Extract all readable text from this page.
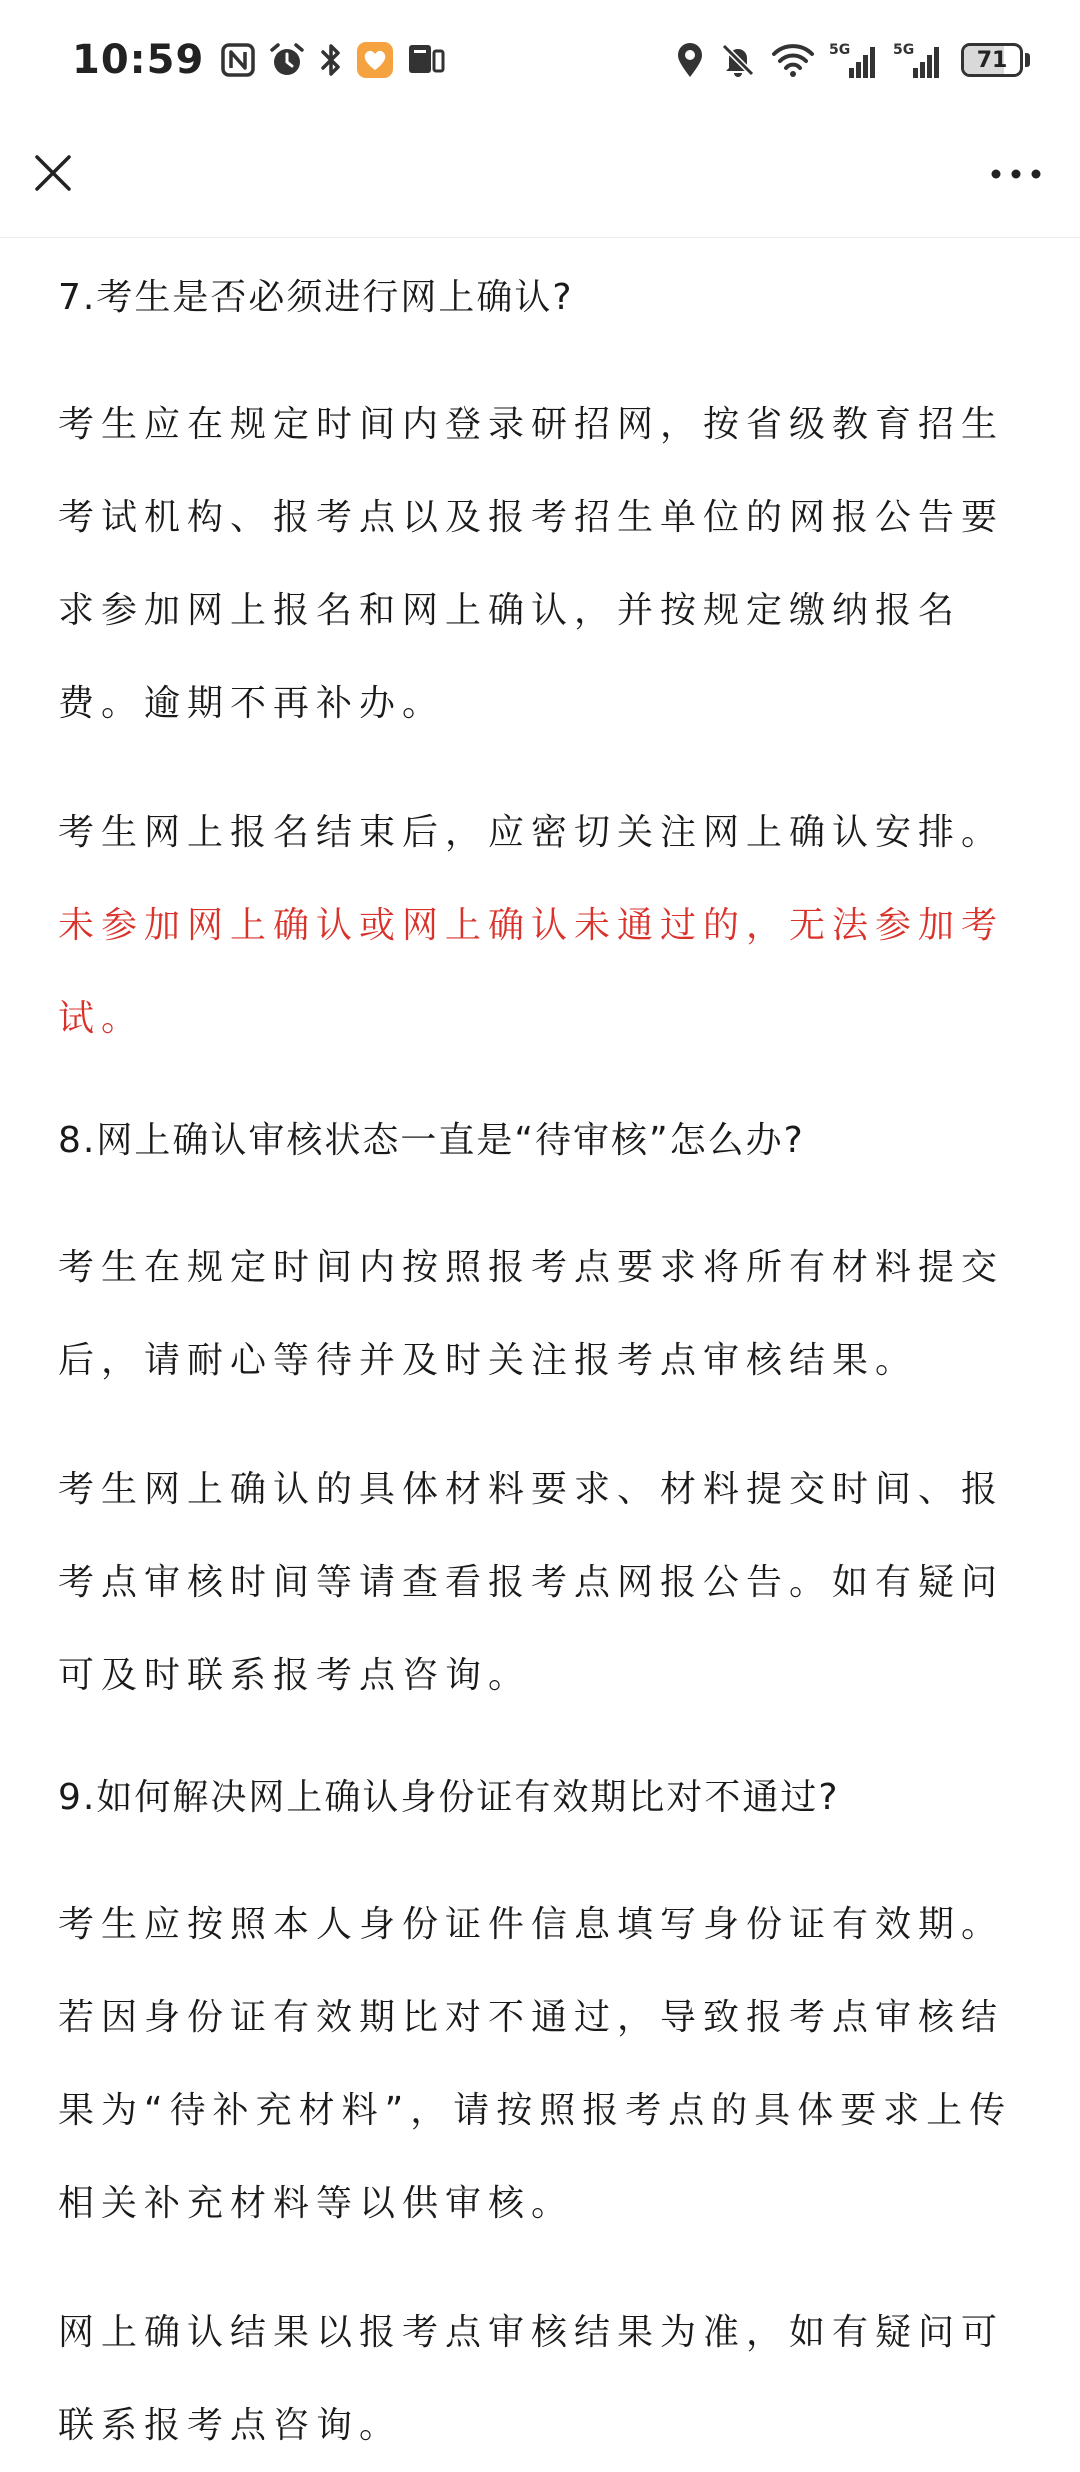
10:59	5G	5G	71

7.考生是否必须进行网上确认?

考生应在规定时间内登录研招网，按省级教育招生考试机构、报考点以及报考招生单位的网报公告要求参加网上报名和网上确认，并按规定缴纳报名费。逾期不再补办。

考生网上报名结束后，应密切关注网上确认安排。未参加网上确认或网上确认未通过的，无法参加考试。

8.网上确认审核状态一直是“待审核”怎么办?

考生在规定时间内按照报考点要求将所有材料提交后，请耐心等待并及时关注报考点审核结果。

考生网上确认的具体材料要求、材料提交时间、报考点审核时间等请查看报考点网报公告。如有疑问可及时联系报考点咨询。

9.如何解决网上确认身份证有效期比对不通过?

考生应按照本人身份证件信息填写身份证有效期。若因身份证有效期比对不通过，导致报考点审核结果为“待补充材料”，请按照报考点的具体要求上传相关补充材料等以供审核。

网上确认结果以报考点审核结果为准，如有疑问可联系报考点咨询。
